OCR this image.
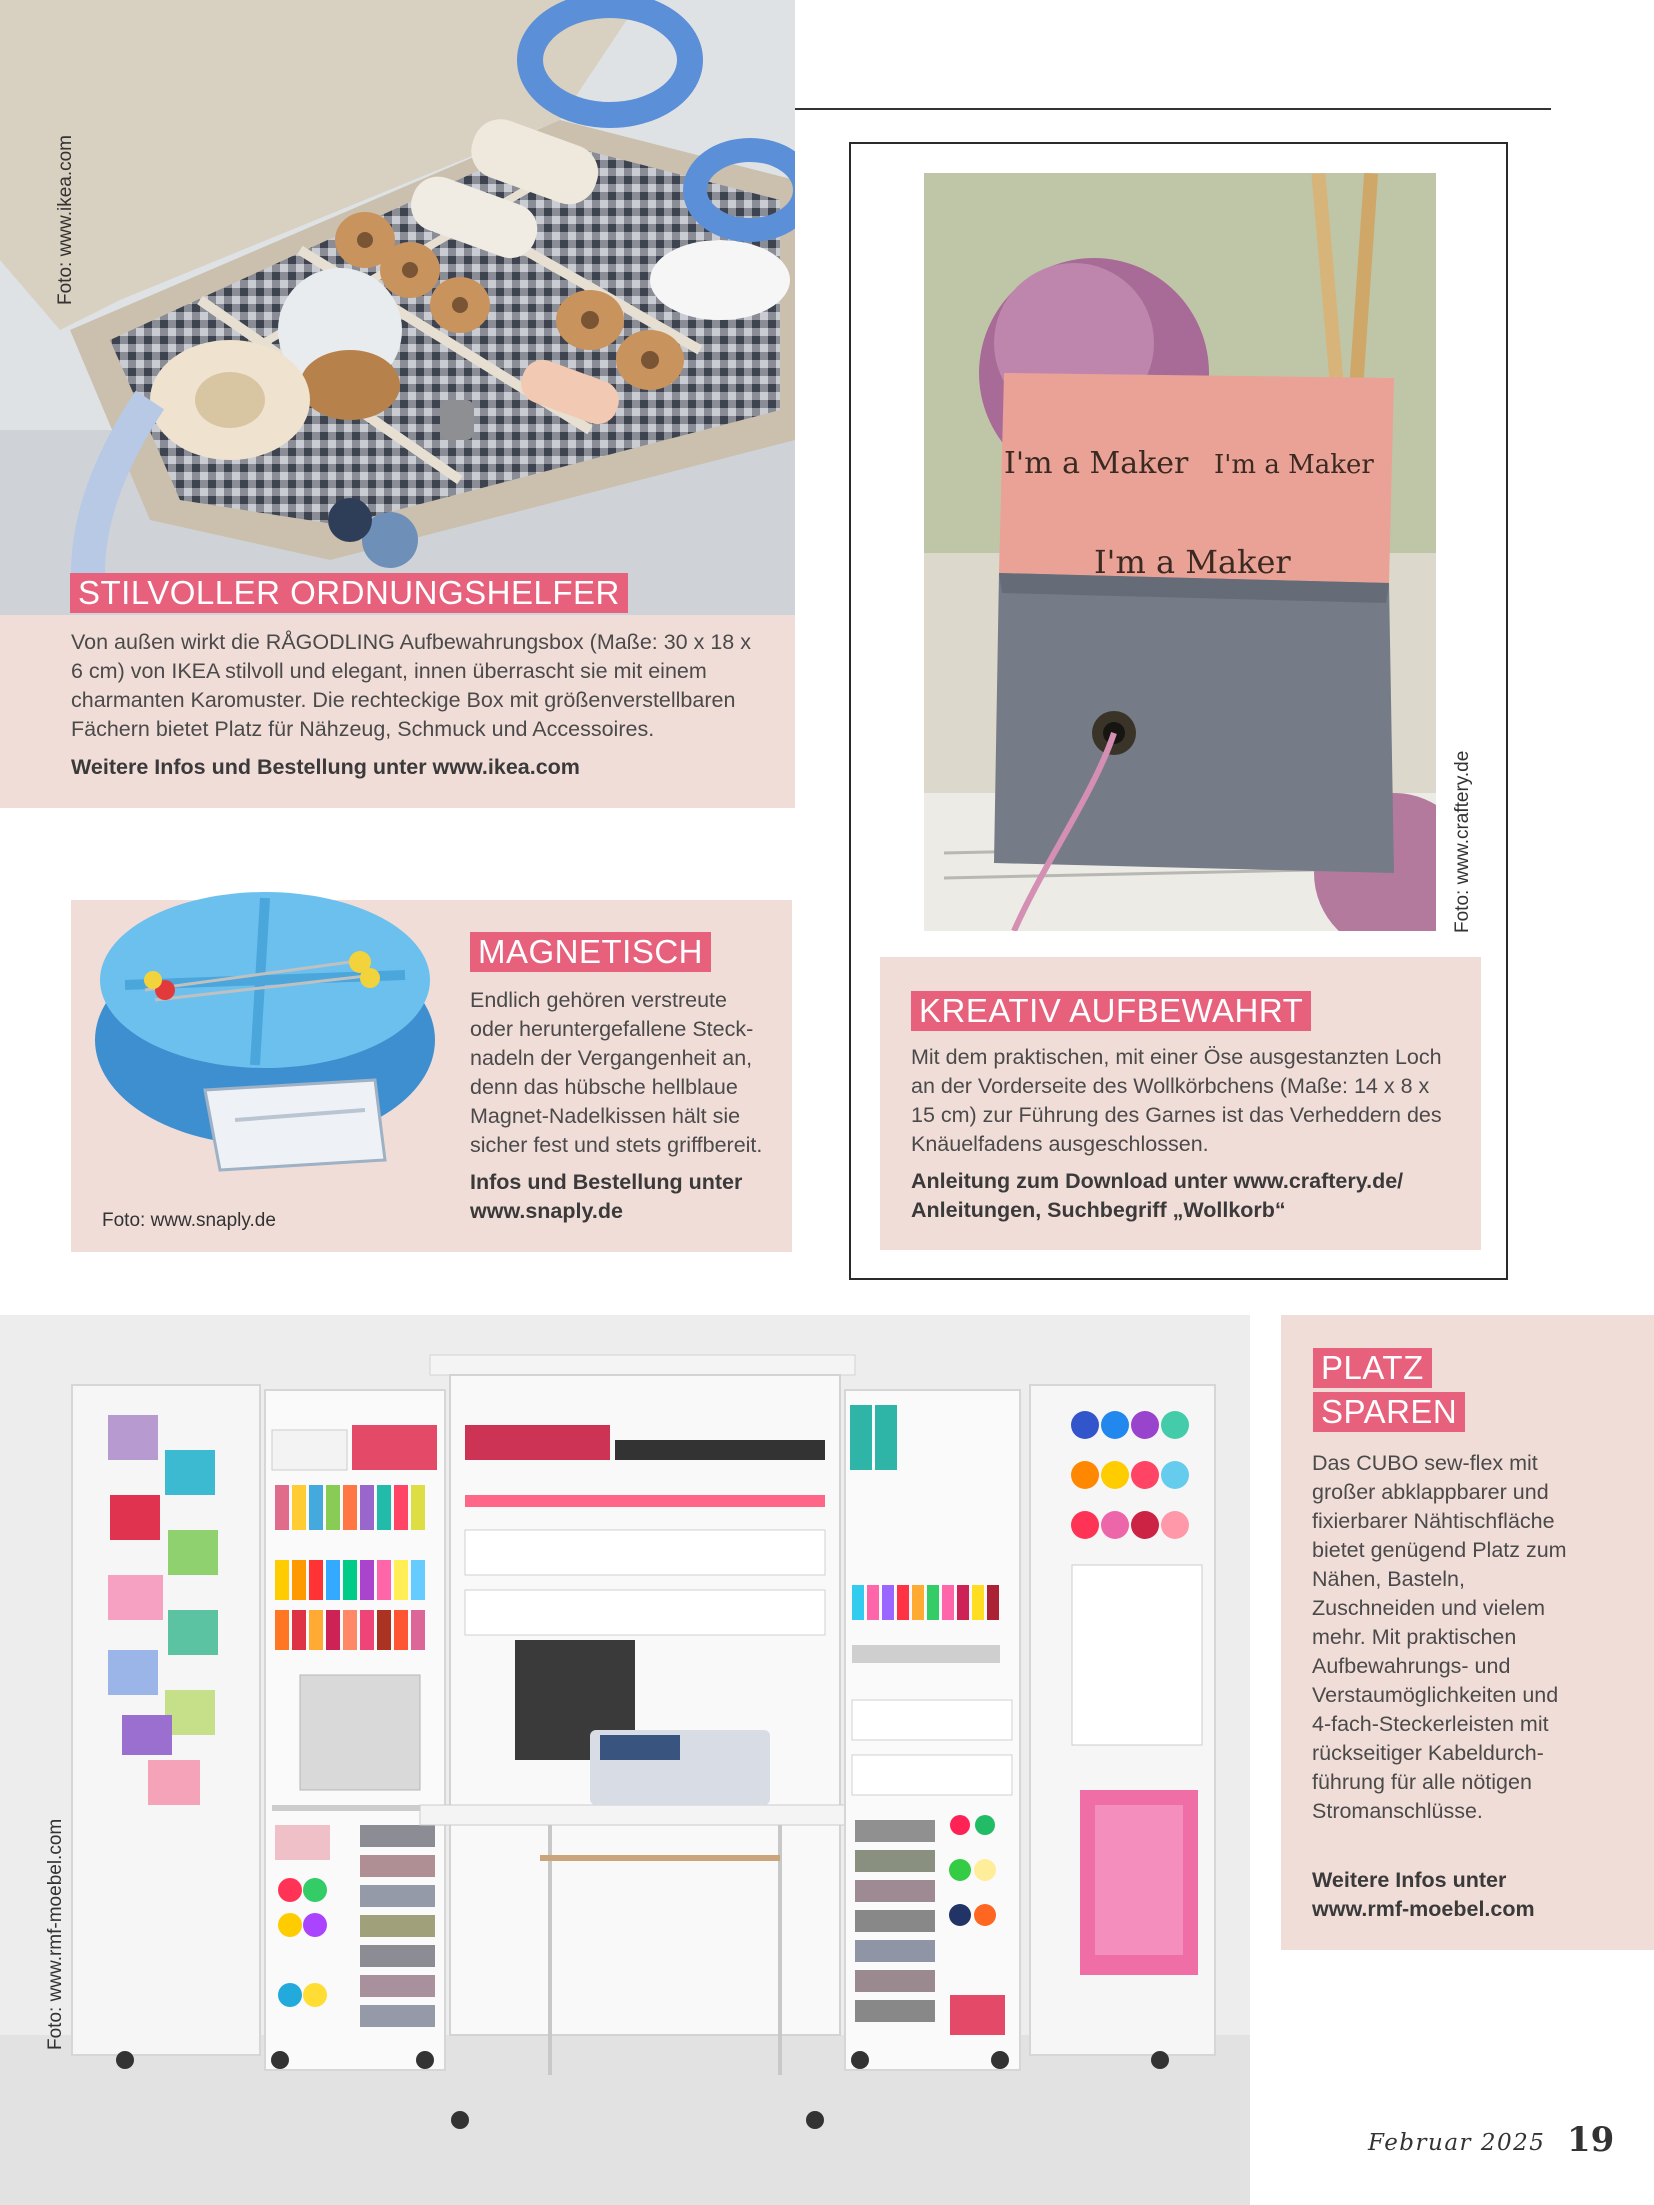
Foto: www.ikea.com
STILVOLLER ORDNUNGSHELFER
Von außen wirkt die RÅGODLING Aufbewahrungsbox (Maße: 30 x 18 x 6 cm) von IKEA stilvoll und elegant, innen überrascht sie mit einem charmanten Karomuster. Die rechteckige Box mit größenverstellbaren Fächern bietet Platz für Nähzeug, Schmuck und Accessoires.
Weitere Infos und Bestellung unter www.ikea.com
MAGNETISCH
Endlich gehören verstreute oder heruntergefallene Stecknadeln der Vergangenheit an, denn das hübsche hellblaue Magnet-Nadelkissen hält sie sicher fest und stets griffbereit.
Infos und Bestellung unter
www.snaply.de
Foto: www.snaply.de
I'm a Maker I'm a Maker
I'm a Maker
Foto: www.craftery.de
KREATIV AUFBEWAHRT
Mit dem praktischen, mit einer Öse ausgestanzten Loch an der Vorderseite des Wollkörbchens (Maße: 14 x 8 x 15 cm) zur Führung des Garnes ist das Verheddern des Knäuelfadens ausgeschlossen.
Anleitung zum Download unter www.craftery.de/
Anleitungen, Suchbegriff „Wollkorb“
Foto: www.rmf-moebel.com
PLATZ
SPAREN
Das CUBO sew-flex mit großer abklappbarer und fixierbarer Nähtischfläche bietet genügend Platz zum Nähen, Basteln, Zuschneiden und vielem mehr. Mit praktischen Aufbewahrungs- und Verstaumöglichkeiten und 4-fach-Steckerleisten mit rückseitiger Kabeldurchführung für alle nötigen Stromanschlüsse.
Weitere Infos unter
www.rmf-moebel.com
Februar 2025 19
